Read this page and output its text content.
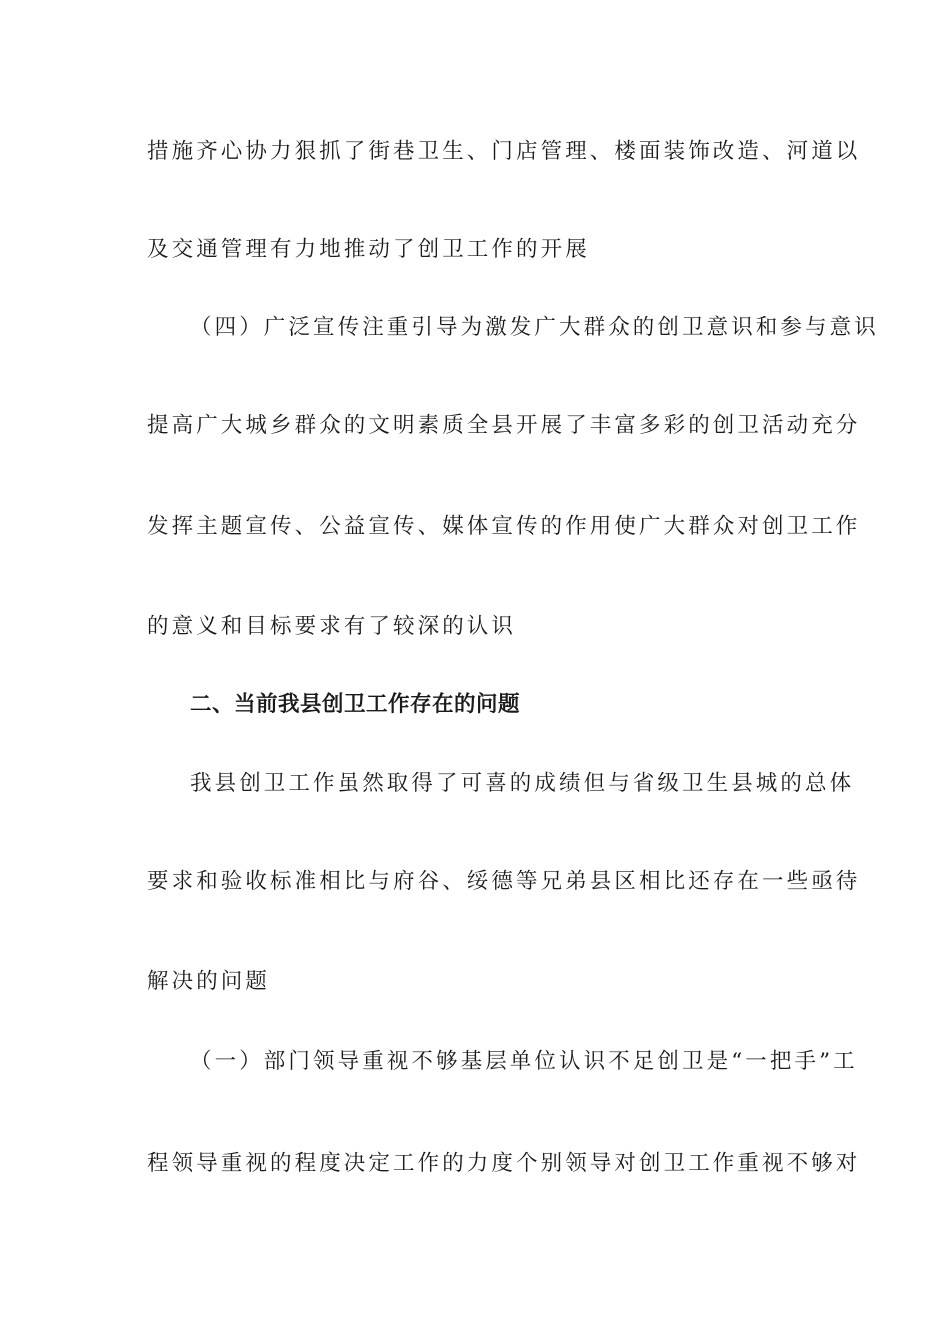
措施齐心协力狠抓了街巷卫生、门店管理、楼面装饰改造、河道以
及交通管理有力地推动了创卫工作的开展
（四）广泛宣传注重引导为激发广大群众的创卫意识和参与意识
提高广大城乡群众的文明素质全县开展了丰富多彩的创卫活动充分
发挥主题宣传、公益宣传、媒体宣传的作用使广大群众对创卫工作
的意义和目标要求有了较深的认识
二、当前我县创卫工作存在的问题
我县创卫工作虽然取得了可喜的成绩但与省级卫生县城的总体
要求和验收标准相比与府谷、绥德等兄弟县区相比还存在一些亟待
解决的问题
（一）部门领导重视不够基层单位认识不足创卫是“一把手”工
程领导重视的程度决定工作的力度个别领导对创卫工作重视不够对
